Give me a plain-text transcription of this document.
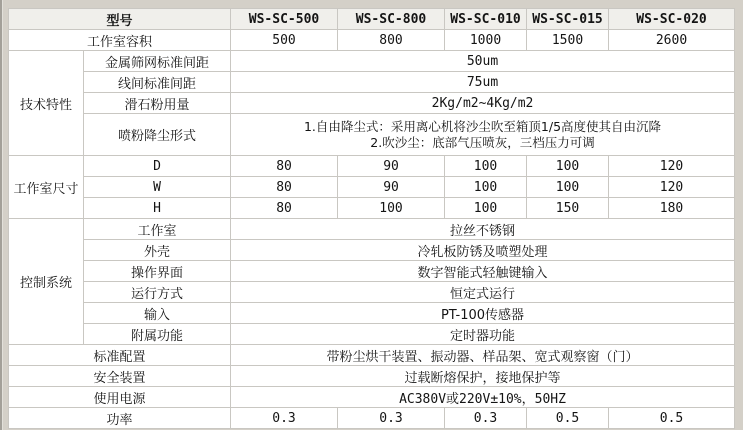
型号		WS-SC-500	WS-SC-800	WS-SC-010	WS-SC-015	WS-SC-020
工作室容积		500	800	1000	1500	2600
技术特性	金属筛网标准间距	50um				
	线间标准间距	75um				
	滑石粉用量	2Kg/m2~4Kg/m2				
	喷粉降尘形式	1.自由降尘式：采用离心机将沙尘吹至箱顶1/5高度使其自由沉降
2.吹沙尘：底部气压喷灰，三档压力可调				

工作室尺寸	D	80	90	100	100	120
	W	80	90	100	100	120
	H	80	100	100	150	180
控制系统	工作室	拉丝不锈钢				
	外壳	冷轧板防锈及喷塑处理				
	操作界面	数字智能式轻触键输入				
	运行方式	恒定式运行				
	输入	PT-100传感器				
	附属功能	定时器功能				
标准配置		带粉尘烘干装置、振动器、样品架、宽式观察窗（门）				
安全装置		过载断熔保护，接地保护等				
使用电源		AC380V或220V±10%，50HZ				
功率		0.3	0.3	0.3	0.5	0.5
